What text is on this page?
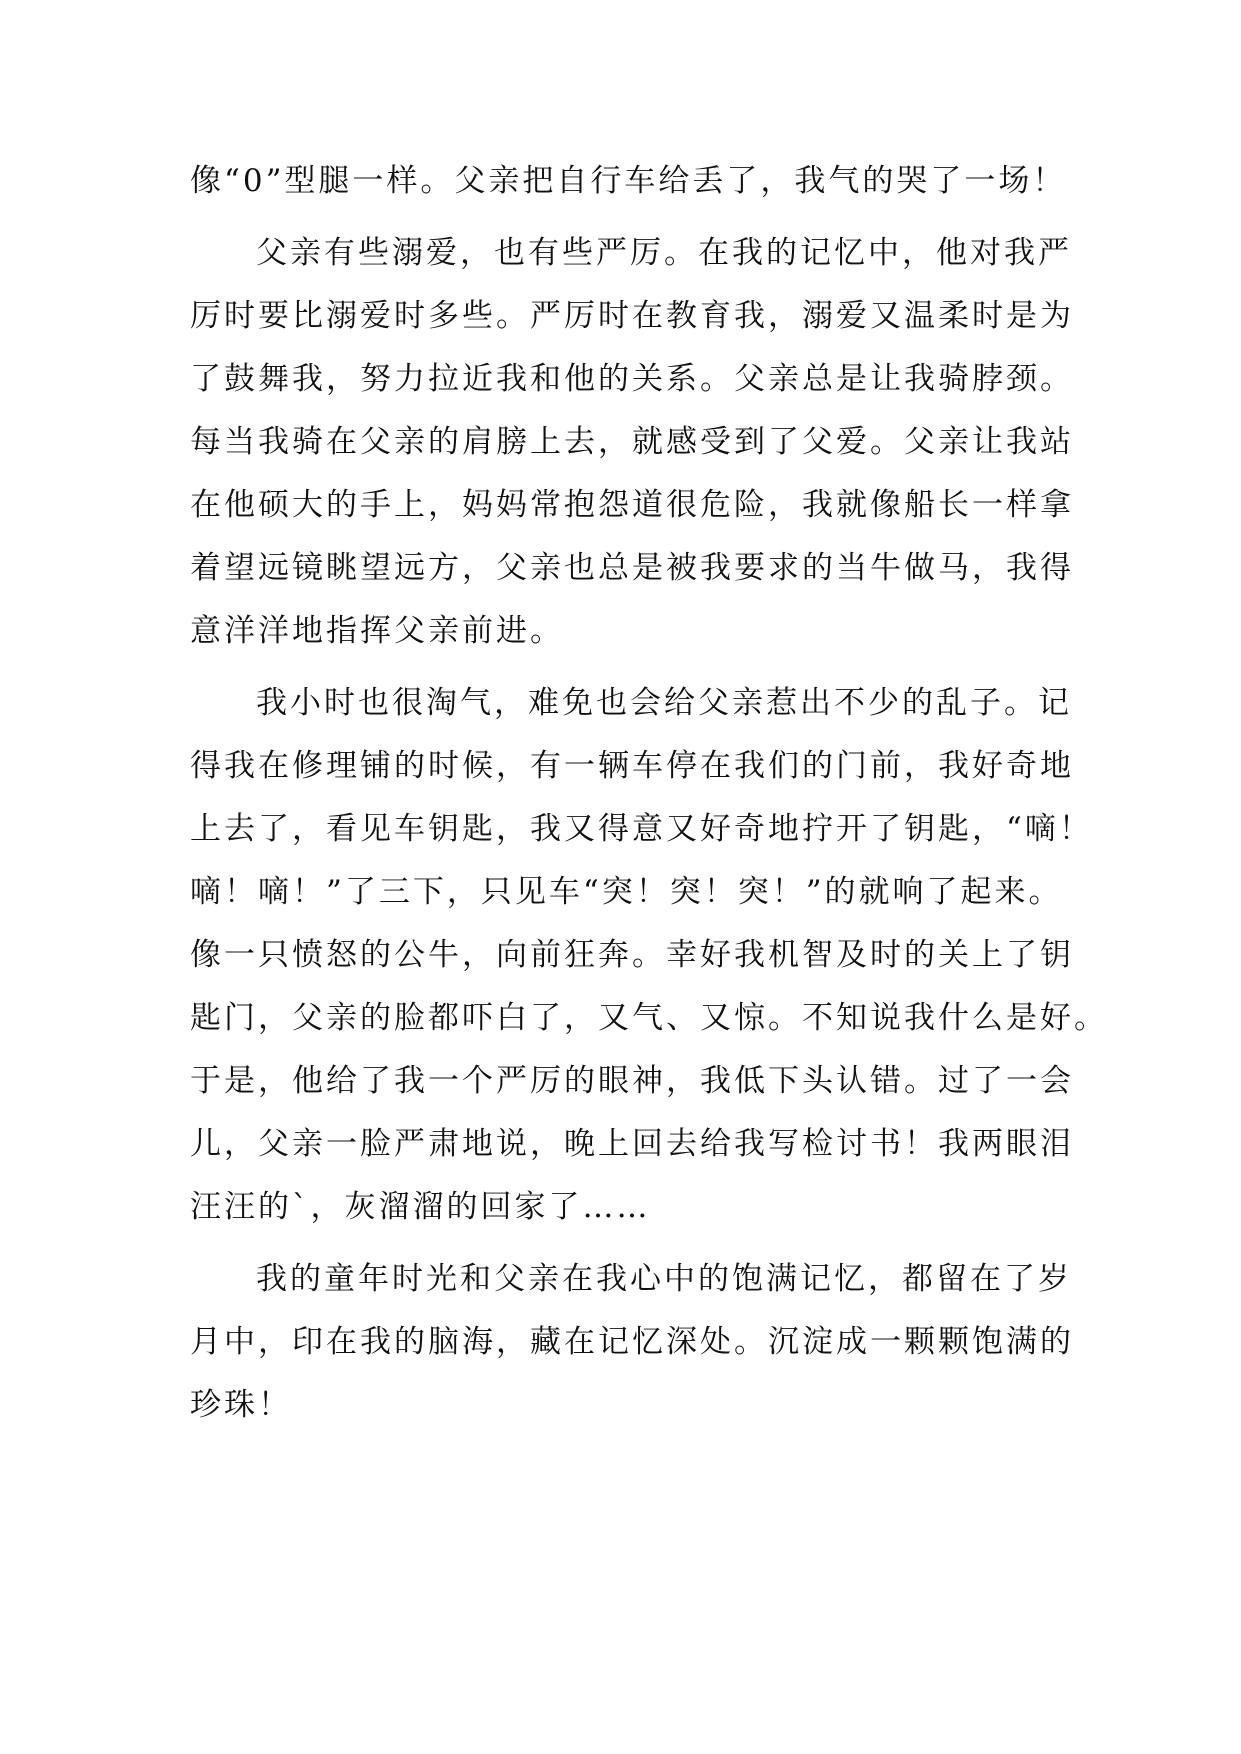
像“0”型腿一样。父亲把自行车给丢了，我气的哭了一场！
父亲有些溺爱，也有些严厉。在我的记忆中，他对我严
厉时要比溺爱时多些。严厉时在教育我，溺爱又温柔时是为
了鼓舞我，努力拉近我和他的关系。父亲总是让我骑脖颈。
每当我骑在父亲的肩膀上去，就感受到了父爱。父亲让我站
在他硕大的手上，妈妈常抱怨道很危险，我就像船长一样拿
着望远镜眺望远方，父亲也总是被我要求的当牛做马，我得
意洋洋地指挥父亲前进。
我小时也很淘气，难免也会给父亲惹出不少的乱子。记
得我在修理铺的时候，有一辆车停在我们的门前，我好奇地
上去了，看见车钥匙，我又得意又好奇地拧开了钥匙，“嘀！
嘀！嘀！”了三下，只见车“突！突！突！”的就响了起来。
像一只愤怒的公牛，向前狂奔。幸好我机智及时的关上了钥
匙门，父亲的脸都吓白了，又气、又惊。不知说我什么是好。
于是，他给了我一个严厉的眼神，我低下头认错。过了一会
儿，父亲一脸严肃地说，晚上回去给我写检讨书！我两眼泪
汪汪的`，灰溜溜的回家了……
我的童年时光和父亲在我心中的饱满记忆，都留在了岁
月中，印在我的脑海，藏在记忆深处。沉淀成一颗颗饱满的
珍珠！
